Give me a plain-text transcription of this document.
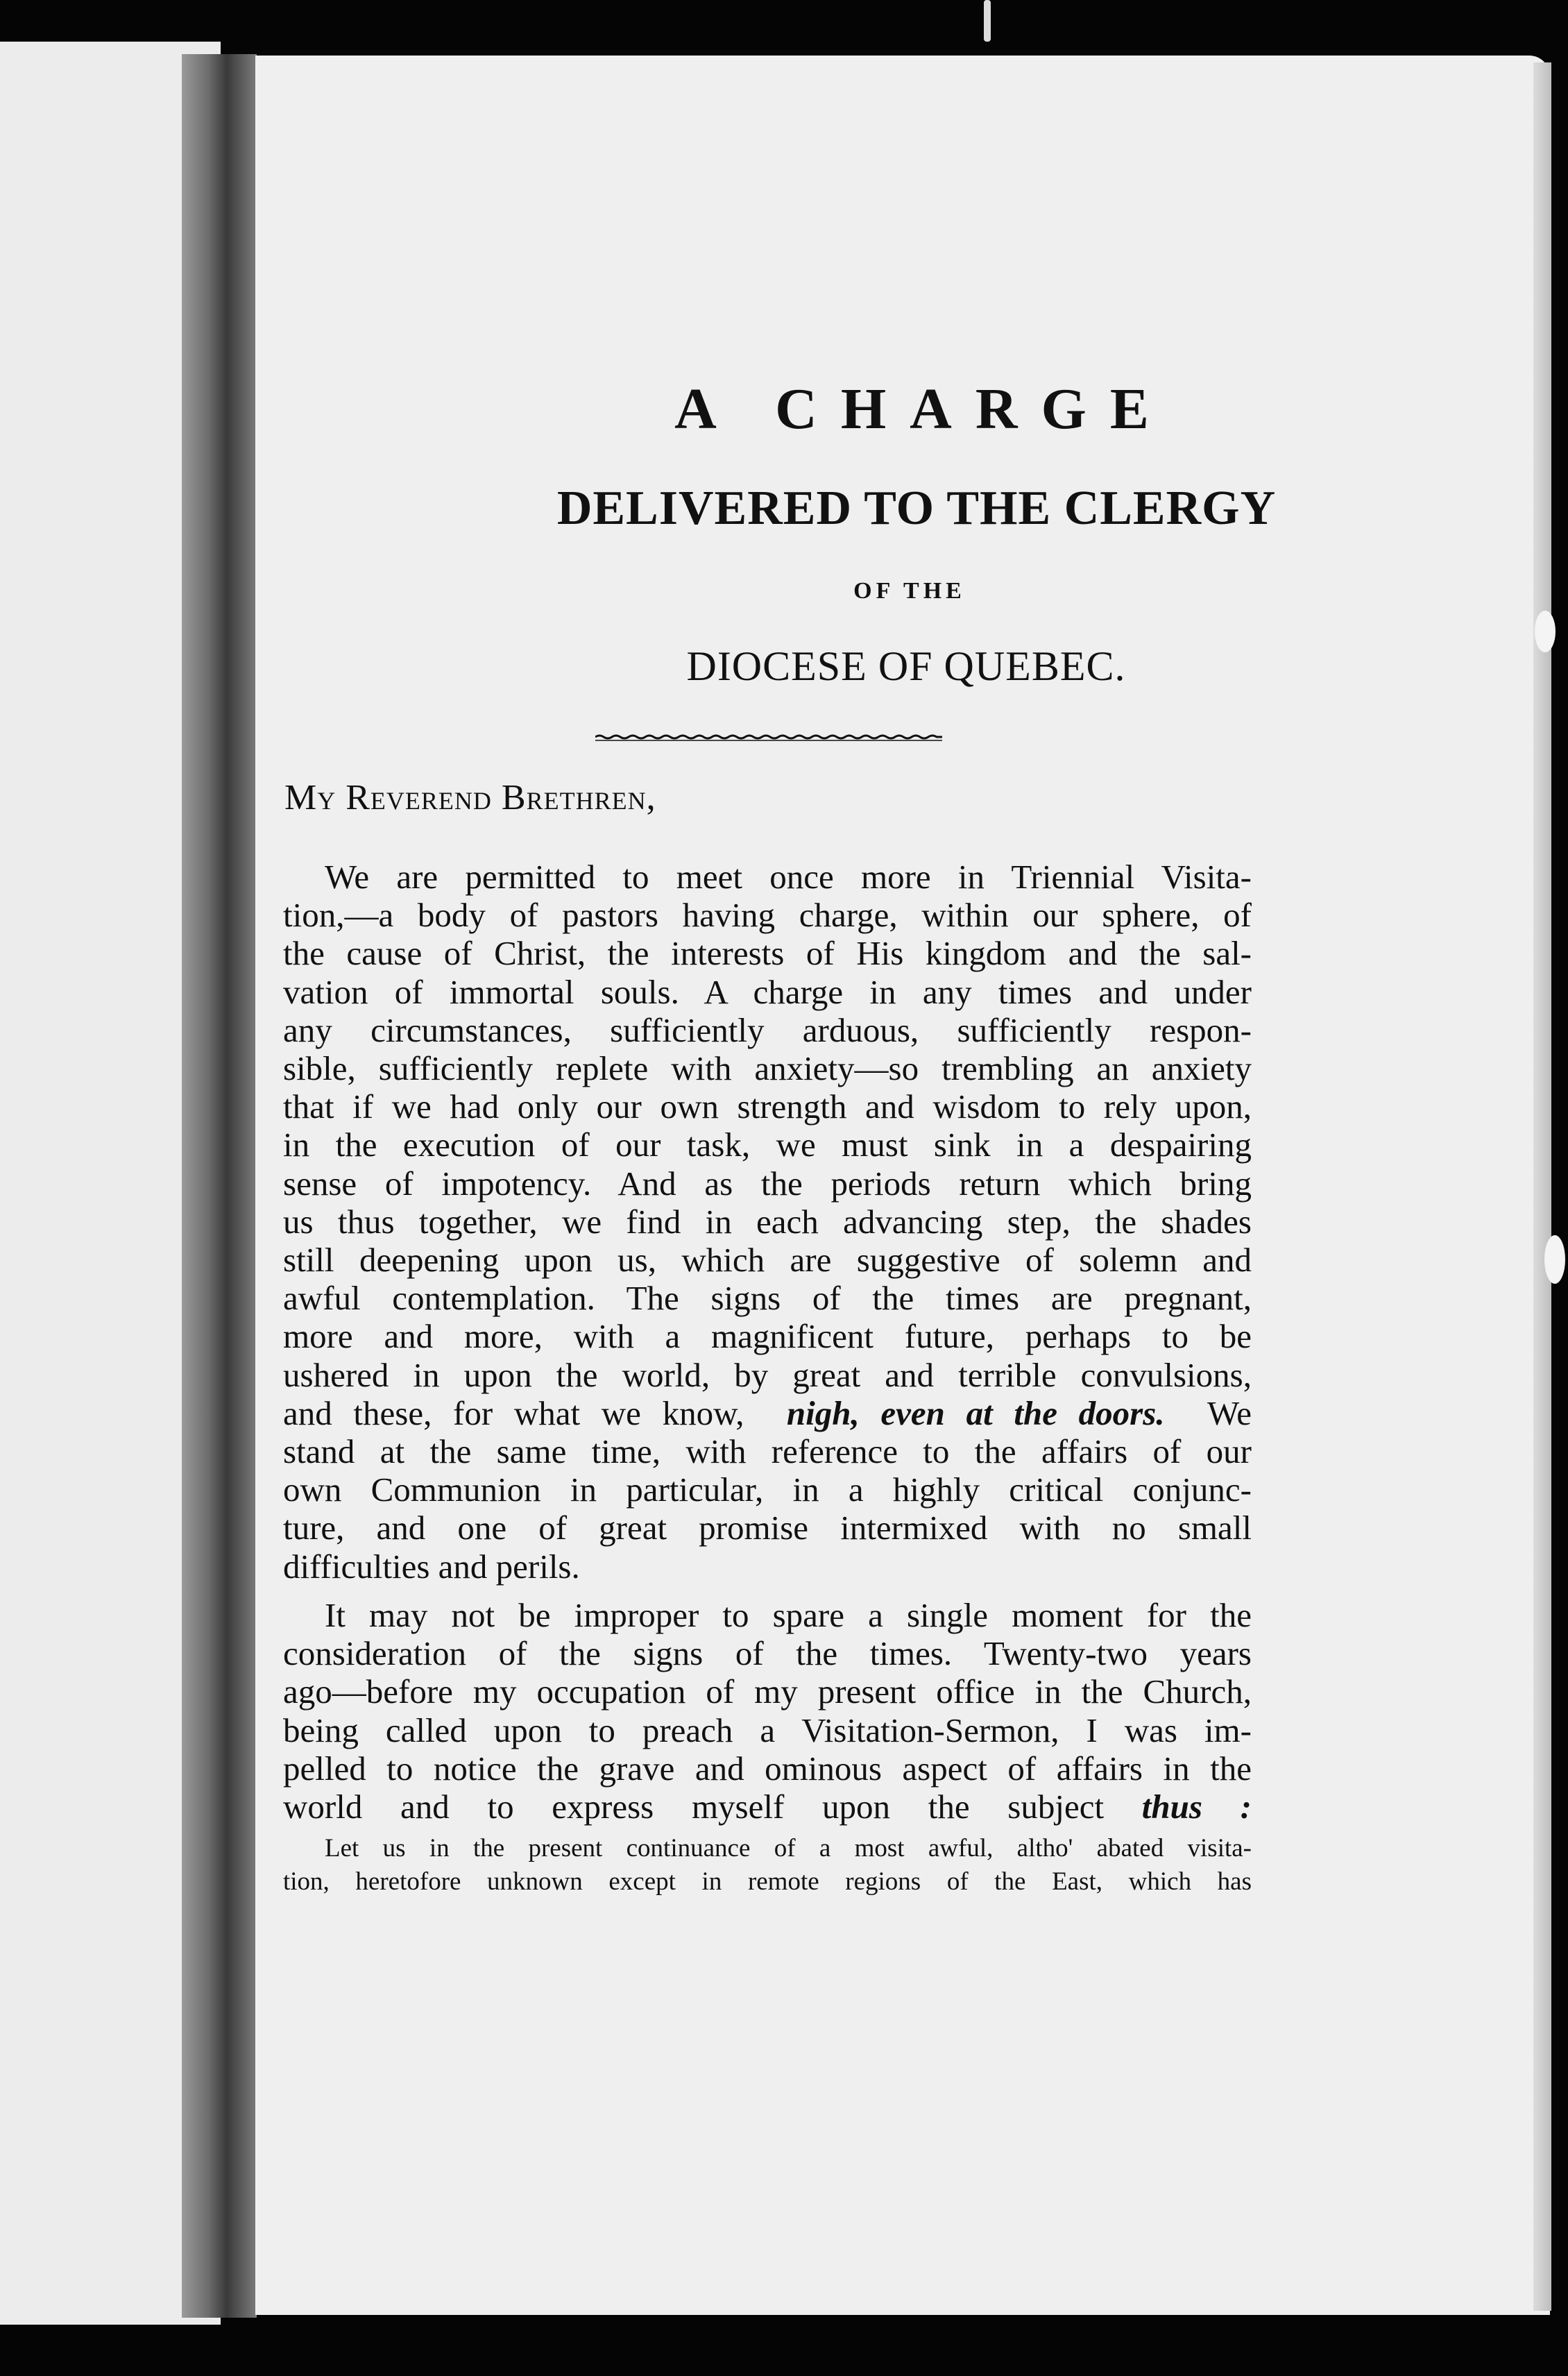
A CHARGE
DELIVERED TO THE CLERGY
OF THE
DIOCESE OF QUEBEC.
My Reverend Brethren,
We are permitted to meet once more in Triennial Visita-
tion,—a body of pastors having charge, within our sphere, of
the cause of Christ, the interests of His kingdom and the sal-
vation of immortal souls. A charge in any times and under
any circumstances, sufficiently arduous, sufficiently respon-
sible, sufficiently replete with anxiety—so trembling an anxiety
that if we had only our own strength and wisdom to rely upon,
in the execution of our task, we must sink in a despairing
sense of impotency. And as the periods return which bring
us thus together, we find in each advancing step, the shades
still deepening upon us, which are suggestive of solemn and
awful contemplation. The signs of the times are pregnant,
more and more, with a magnificent future, perhaps to be
ushered in upon the world, by great and terrible convulsions,
and these, for what we know, nigh, even at the doors. We
stand at the same time, with reference to the affairs of our
own Communion in particular, in a highly critical conjunc-
ture, and one of great promise intermixed with no small
difficulties and perils.
It may not be improper to spare a single moment for the
consideration of the signs of the times. Twenty-two years
ago—before my occupation of my present office in the Church,
being called upon to preach a Visitation-Sermon, I was im-
pelled to notice the grave and ominous aspect of affairs in the
world and to express myself upon the subject thus :
Let us in the present continuance of a most awful, altho' abated visita-
tion, heretofore unknown except in remote regions of the East, which has
